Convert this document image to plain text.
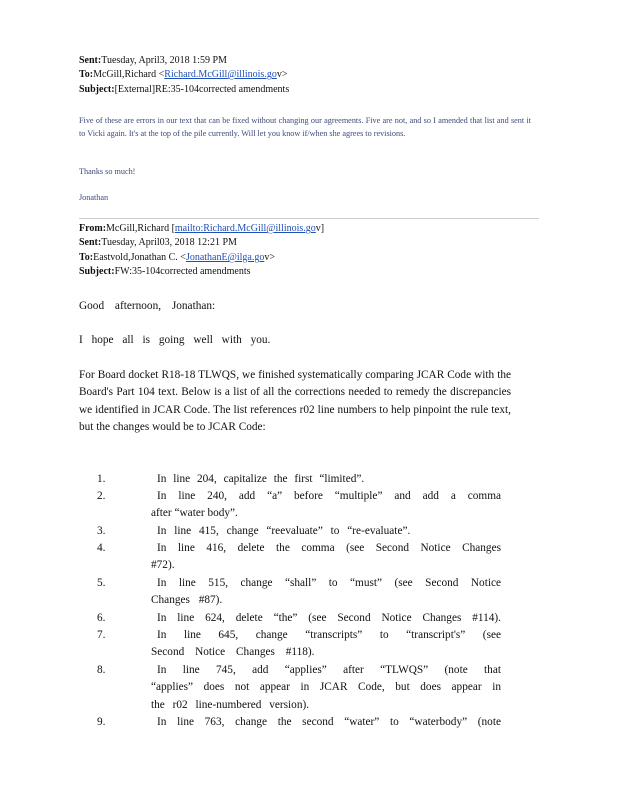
Sent:Tuesday, April3, 2018 1:59 PM
To:McGill,Richard <Richard.McGill@illinois.gov>
Subject:[External]RE:35-104corrected amendments
Five of these are errors in our text that can be fixed without changing our agreements. Five are not, and so I amended that list and sent it to Vicki again. It's at the top of the pile currently. Will let you know if/when she agrees to revisions.
Thanks so much!
Jonathan
From:McGill,Richard [mailto:Richard.McGill@illinois.gov]
Sent:Tuesday, April03, 2018 12:21 PM
To:Eastvold,Jonathan C. <JonathanE@ilga.gov>
Subject:FW:35-104corrected amendments
Good afternoon, Jonathan:
I hope all is going well with you.
For Board docket R18-18 TLWQS, we finished systematically comparing JCAR Code with the Board's Part 104 text. Below is a list of all the corrections needed to remedy the discrepancies we identified in JCAR Code. The list references r02 line numbers to help pinpoint the rule text, but the changes would be to JCAR Code:
1.	In line 204, capitalize the first “limited”.
2.	In line 240, add “a” before “multiple” and add a comma
after “water body”.
3.	In line 415, change “reevaluate” to “re-evaluate”.
4.	In line 416, delete the comma (see Second Notice Changes
#72).
5.	In line 515, change “shall” to “must” (see Second Notice
Changes #87).
6.	In line 624, delete “the” (see Second Notice Changes #114).
7.	In line 645, change “transcripts” to “transcript's” (see
Second Notice Changes #118).
8.	In line 745, add “applies” after “TLWQS” (note that
“applies” does not appear in JCAR Code, but does appear in
the r02 line-numbered version).
9.	In line 763, change the second “water” to “waterbody” (note
